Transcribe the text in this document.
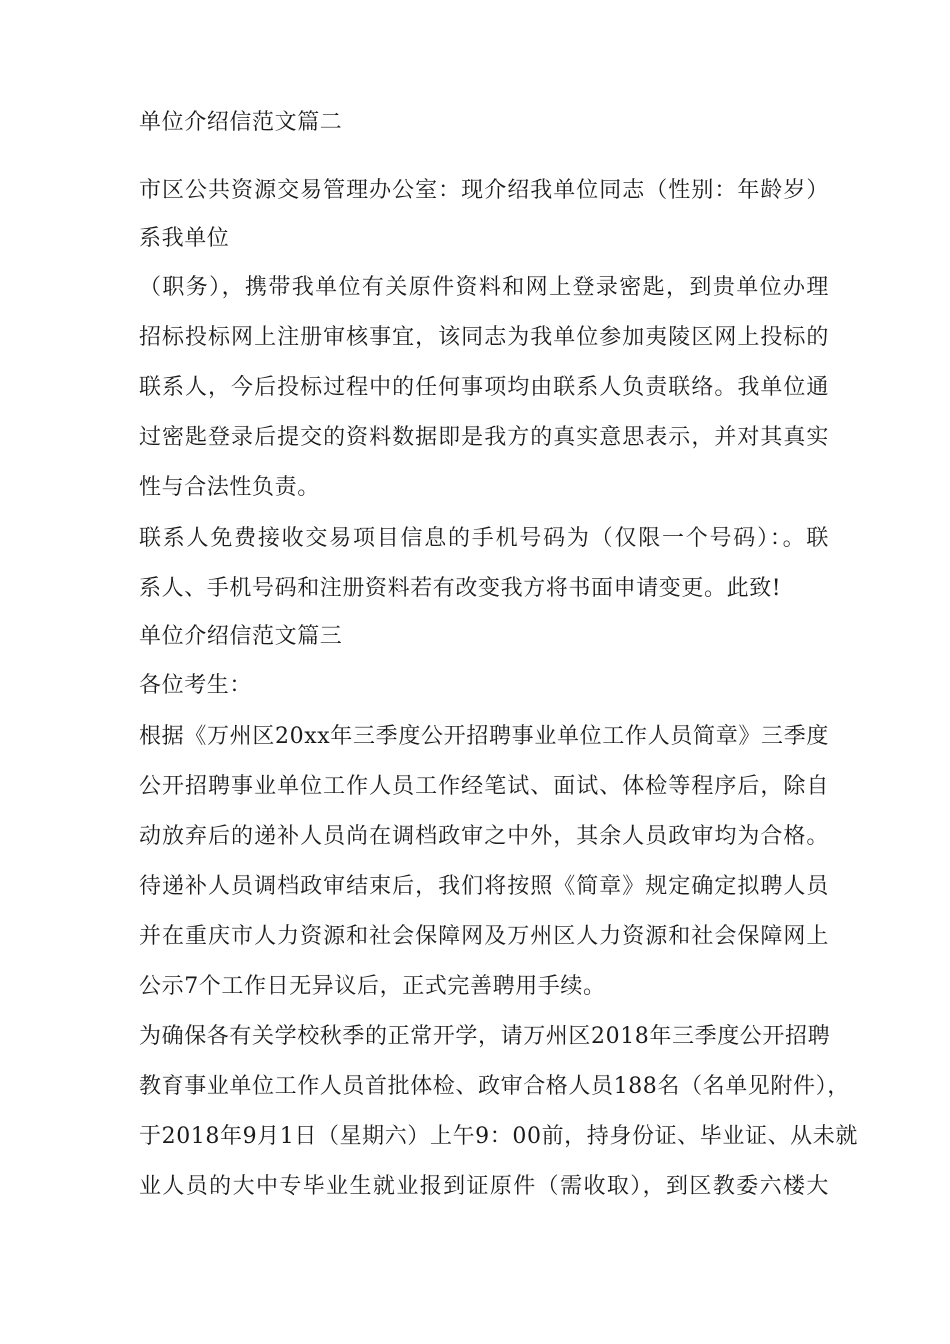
单位介绍信范文篇二
市区公共资源交易管理办公室：现介绍我单位同志（性别：年龄岁）
系我单位
（职务），携带我单位有关原件资料和网上登录密匙，到贵单位办理
招标投标网上注册审核事宜，该同志为我单位参加夷陵区网上投标的
联系人，今后投标过程中的任何事项均由联系人负责联络。我单位通
过密匙登录后提交的资料数据即是我方的真实意思表示，并对其真实
性与合法性负责。
联系人免费接收交易项目信息的手机号码为（仅限一个号码）：。联
系人、手机号码和注册资料若有改变我方将书面申请变更。此致!
单位介绍信范文篇三
各位考生：
根据《万州区20xx年三季度公开招聘事业单位工作人员简章》三季度
公开招聘事业单位工作人员工作经笔试、面试、体检等程序后，除自
动放弃后的递补人员尚在调档政审之中外，其余人员政审均为合格。
待递补人员调档政审结束后，我们将按照《简章》规定确定拟聘人员
并在重庆市人力资源和社会保障网及万州区人力资源和社会保障网上
公示7个工作日无异议后，正式完善聘用手续。
为确保各有关学校秋季的正常开学，请万州区2018年三季度公开招聘
教育事业单位工作人员首批体检、政审合格人员188名（名单见附件），
于2018年9月1日（星期六）上午9：00前，持身份证、毕业证、从未就
业人员的大中专毕业生就业报到证原件（需收取），到区教委六楼大
